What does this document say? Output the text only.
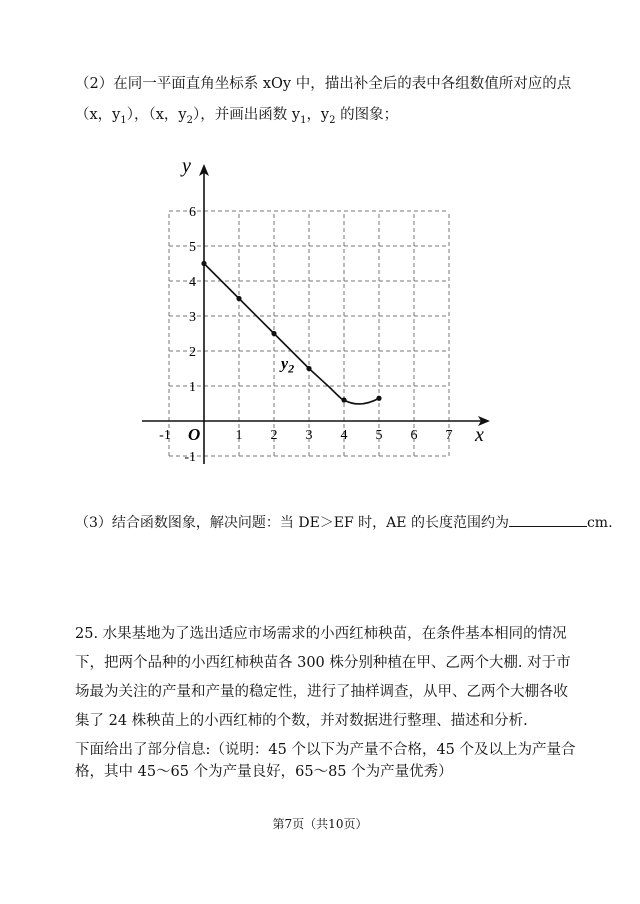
（2）在同一平面直角坐标系 xOy 中，描出补全后的表中各组数值所对应的点
（x，$y_1$），（x，$y_2$），并画出函数 $y_1$，$y_2$ 的图象；
-1	1 2 3 4 5 6 7
-1
1
2
3
4
5
6
x
y
O
$y_2$
（3）结合函数图象，解决问题：当 DE＞EF 时，AE 的长度范围约为	cm.
25. 水果基地为了选出适应市场需求的小西红柿秧苗，在条件基本相同的情况
下，把两个品种的小西红柿秧苗各 300 株分别种植在甲、乙两个大棚. 对于市
场最为关注的产量和产量的稳定性，进行了抽样调查，从甲、乙两个大棚各收
集了 24 株秧苗上的小西红柿的个数，并对数据进行整理、描述和分析.
下面给出了部分信息:（说明：45 个以下为产量不合格，45 个及以上为产量合
格，其中 45～65 个为产量良好，65～85 个为产量优秀）
第7页（共10页）
